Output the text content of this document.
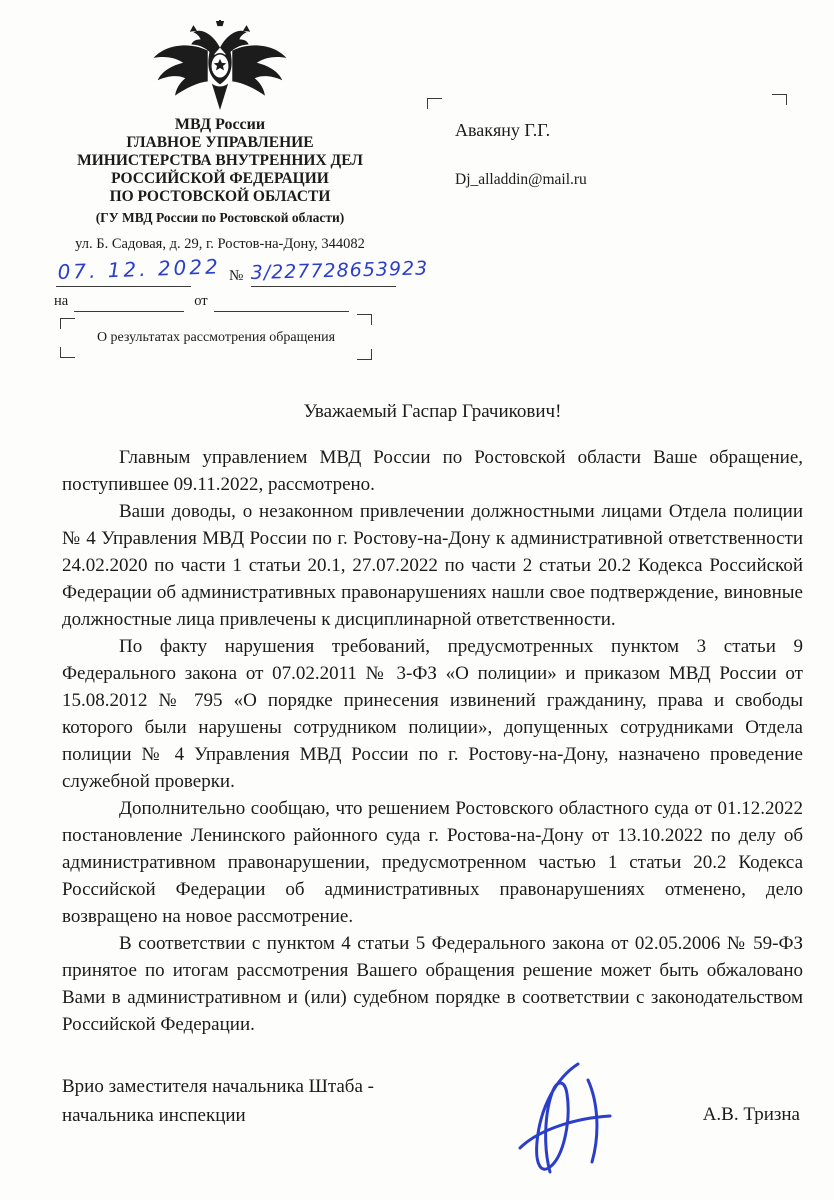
МВД России
ГЛАВНОЕ УПРАВЛЕНИЕ
МИНИСТЕРСТВА ВНУТРЕННИХ ДЕЛ
РОССИЙСКОЙ ФЕДЕРАЦИИ
ПО РОСТОВСКОЙ ОБЛАСТИ
(ГУ МВД России по Ростовской области)
ул. Б. Садовая, д. 29, г. Ростов-на-Дону, 344082
07. 12. 2022 № 3/227728653923
на	от
Авакяну Г.Г.
Dj_alladdin@mail.ru
О результатах рассмотрения обращения

Уважаемый Гаспар Грачикович!

Главным управлением МВД России по Ростовской области Ваше обращение, поступившее 09.11.2022, рассмотрено.

Ваши доводы, о незаконном привлечении должностными лицами Отдела полиции № 4 Управления МВД России по г. Ростову-на-Дону к административной ответственности 24.02.2020 по части 1 статьи 20.1, 27.07.2022 по части 2 статьи 20.2 Кодекса Российской Федерации об административных правонарушениях нашли свое подтверждение, виновные должностные лица привлечены к дисциплинарной ответственности.

По факту нарушения требований, предусмотренных пунктом 3 статьи 9 Федерального закона от 07.02.2011 № 3-ФЗ «О полиции» и приказом МВД России от 15.08.2012 № 795 «О порядке принесения извинений гражданину, права и свободы которого были нарушены сотрудником полиции», допущенных сотрудниками Отдела полиции № 4 Управления МВД России по г. Ростову-на-Дону, назначено проведение служебной проверки.

Дополнительно сообщаю, что решением Ростовского областного суда от 01.12.2022 постановление Ленинского районного суда г. Ростова-на-Дону от 13.10.2022 по делу об административном правонарушении, предусмотренном частью 1 статьи 20.2 Кодекса Российской Федерации об административных правонарушениях отменено, дело возвращено на новое рассмотрение.

В соответствии с пунктом 4 статьи 5 Федерального закона от 02.05.2006 № 59-ФЗ принятое по итогам рассмотрения Вашего обращения решение может быть обжаловано Вами в административном и (или) судебном порядке в соответствии с законодательством Российской Федерации.

Врио заместителя начальника Штаба -
начальника инспекции	А.В. Тризна
